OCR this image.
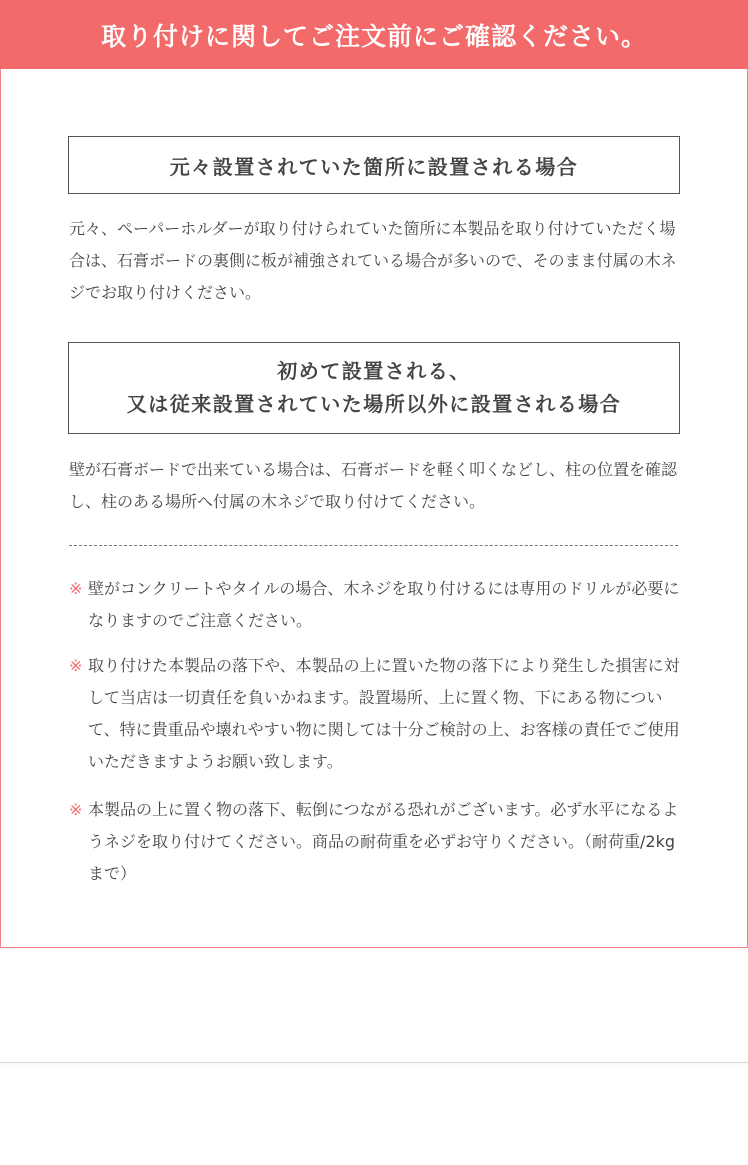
取り付けに関してご注文前にご確認ください。
元々設置されていた箇所に設置される場合

元々、ペーパーホルダーが取り付けられていた箇所に本製品を取り付けていただく場合は、石膏ボードの裏側に板が補強されている場合が多いので、そのまま付属の木ネジでお取り付けください。

初めて設置される、
又は従来設置されていた場所以外に設置される場合

壁が石膏ボードで出来ている場合は、石膏ボードを軽く叩くなどし、柱の位置を確認し、柱のある場所へ付属の木ネジで取り付けてください。

※ 壁がコンクリートやタイルの場合、木ネジを取り付けるには専用のドリルが必要になりますのでご注意ください。
※ 取り付けた本製品の落下や、本製品の上に置いた物の落下により発生した損害に対して当店は一切責任を負いかねます。設置場所、上に置く物、下にある物について、特に貴重品や壊れやすい物に関しては十分ご検討の上、お客様の責任でご使用いただきますようお願い致します。
※ 本製品の上に置く物の落下、転倒につながる恐れがございます。必ず水平になるようネジを取り付けてください。商品の耐荷重を必ずお守りください。（耐荷重/2kgまで）
